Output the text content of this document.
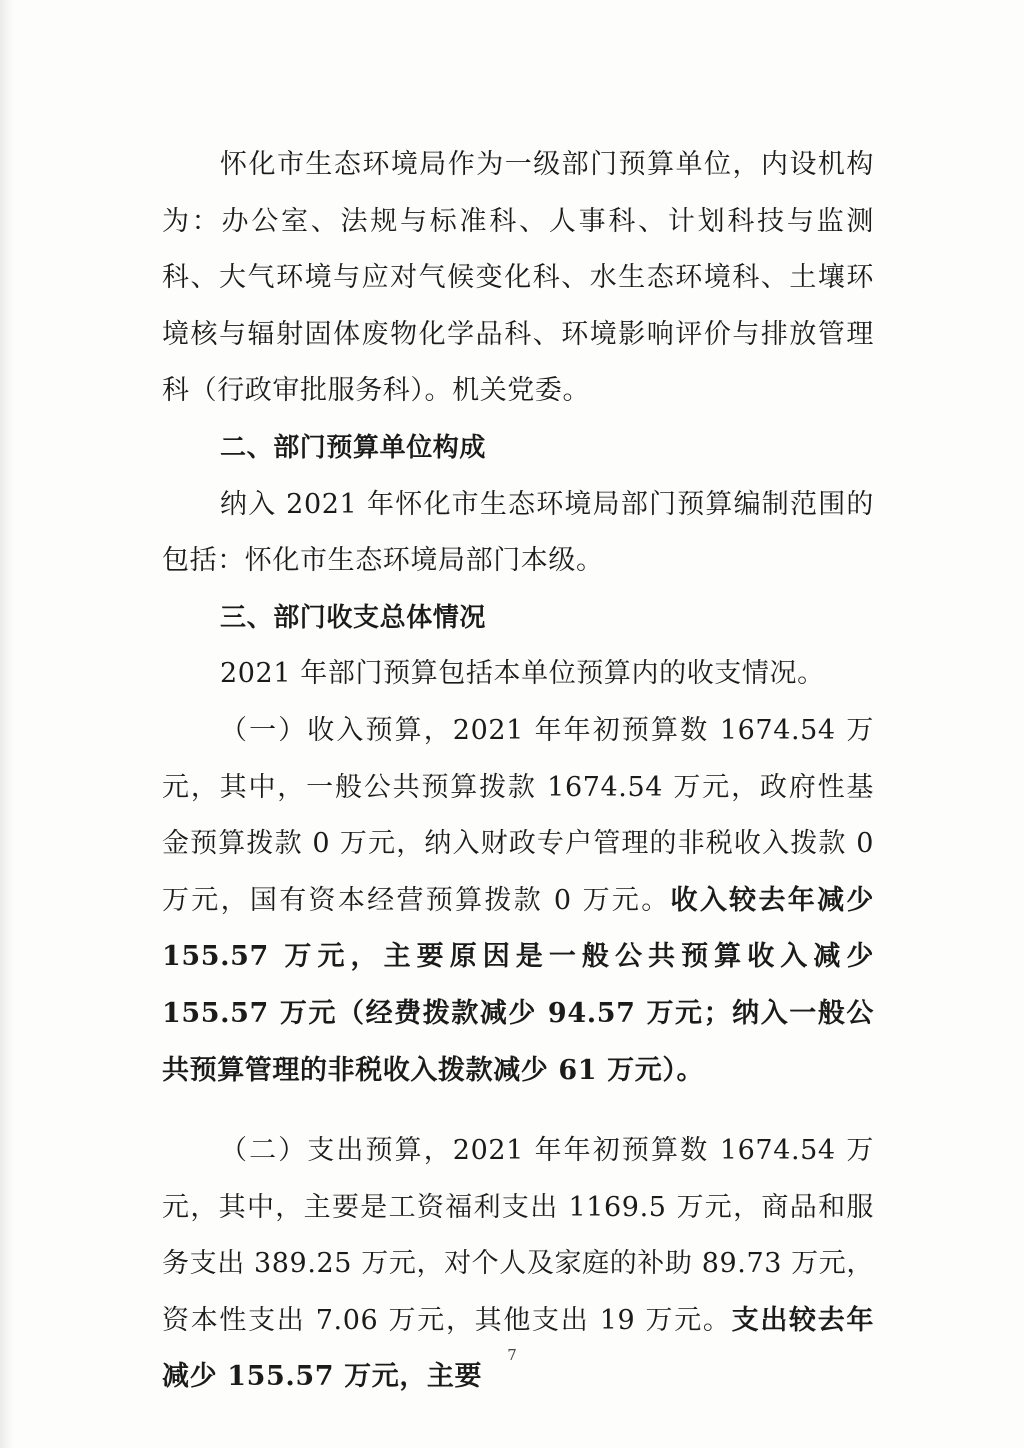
怀化市生态环境局作为一级部门预算单位，内设机构为：办公室、法规与标准科、人事科、计划科技与监测科、大气环境与应对气候变化科、水生态环境科、土壤环境核与辐射固体废物化学品科、环境影响评价与排放管理科（行政审批服务科）。机关党委。

二、部门预算单位构成

纳入 2021 年怀化市生态环境局部门预算编制范围的包括：怀化市生态环境局部门本级。

三、部门收支总体情况

2021 年部门预算包括本单位预算内的收支情况。

（一）收入预算，2021 年年初预算数 1674.54 万元，其中，一般公共预算拨款 1674.54 万元，政府性基金预算拨款 0 万元，纳入财政专户管理的非税收入拨款 0 万元，国有资本经营预算拨款 0 万元。收入较去年减少 155.57 万元，主要原因是一般公共预算收入减少 155.57 万元（经费拨款减少 94.57 万元；纳入一般公共预算管理的非税收入拨款减少 61 万元）。

（二）支出预算，2021 年年初预算数 1674.54 万元，其中，主要是工资福利支出 1169.5 万元，商品和服务支出 389.25 万元，对个人及家庭的补助 89.73 万元，资本性支出 7.06 万元，其他支出 19 万元。支出较去年减少 155.57 万元，主要

7
